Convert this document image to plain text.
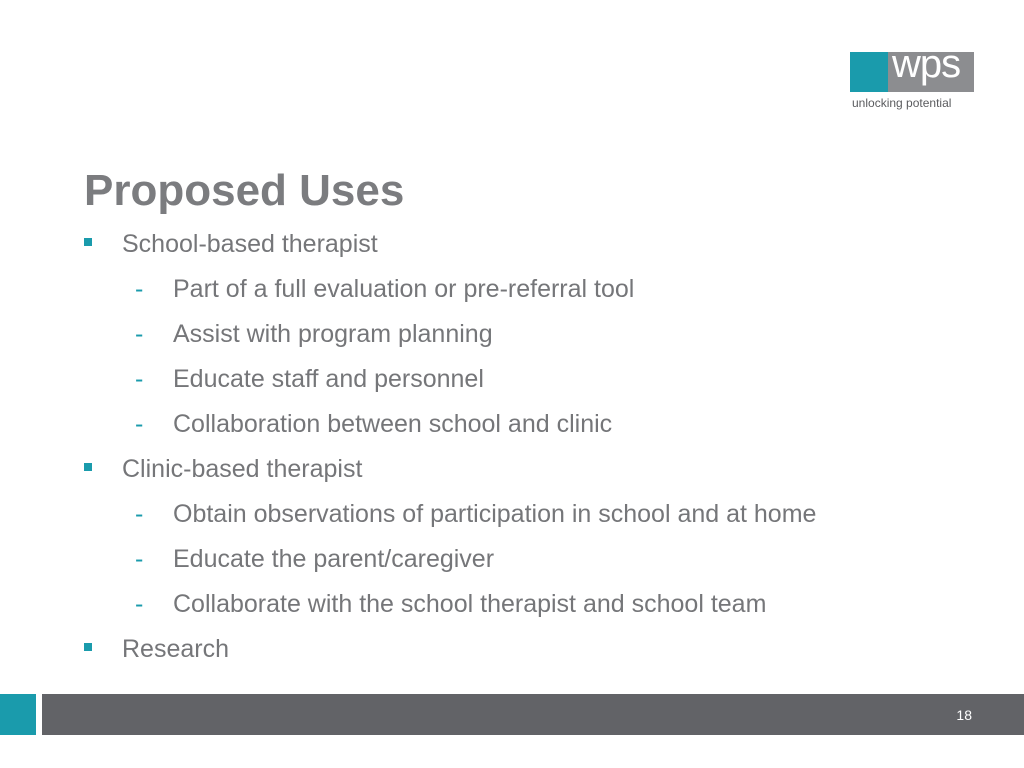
wps
unlocking potential
Proposed Uses
School-based therapist
- Part of a full evaluation or pre-referral tool
- Assist with program planning
- Educate staff and personnel
- Collaboration between school and clinic
Clinic-based therapist
- Obtain observations of participation in school and at home
- Educate the parent/caregiver
- Collaborate with the school therapist and school team
Research
18
